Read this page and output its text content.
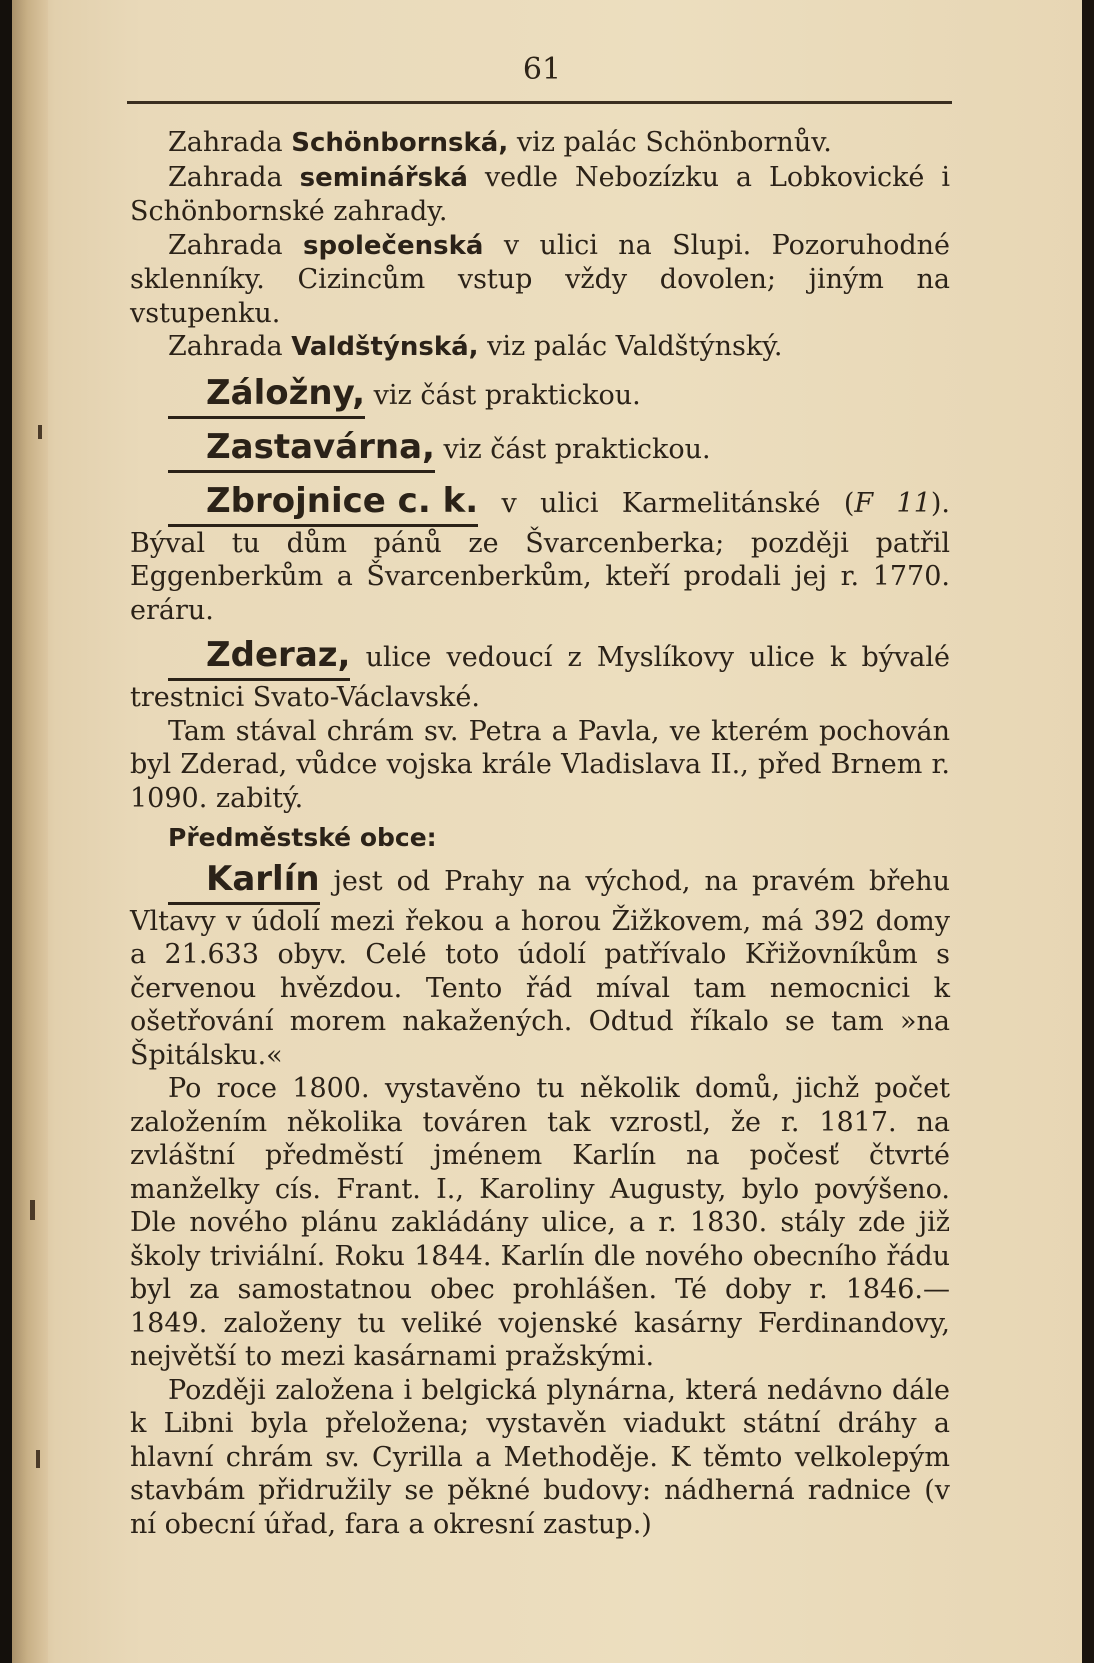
61

Zahrada Schönbornská, viz palác Schönbornův.

Zahrada seminářská vedle Nebozízku a Lobkovické i Schönbornské zahrady.

Zahrada společenská v ulici na Slupi. Pozoruhodné sklenníky. Cizincům vstup vždy dovolen; jiným na vstupenku.

Zahrada Valdštýnská, viz palác Valdštýnský.

Záložny, viz část praktickou.

Zastavárna, viz část praktickou.

Zbrojnice c. k. v ulici Karmelitánské (F 11). Býval tu dům pánů ze Švarcenberka; později patřil Eggenberkům a Švarcenberkům, kteří prodali jej r. 1770. eráru.

Zderaz, ulice vedoucí z Myslíkovy ulice k bývalé trestnici Svato-Václavské.

Tam stával chrám sv. Petra a Pavla, ve kterém pochován byl Zderad, vůdce vojska krále Vladislava II., před Brnem r. 1090. zabitý.

Předměstské obce:

Karlín jest od Prahy na východ, na pravém břehu Vltavy v údolí mezi řekou a horou Žižkovem, má 392 domy a 21.633 obyv. Celé toto údolí patřívalo Křižovníkům s červenou hvězdou. Tento řád míval tam nemocnici k ošetřování morem nakažených. Odtud říkalo se tam »na Špitálsku.«

Po roce 1800. vystavěno tu několik domů, jichž počet založením několika továren tak vzrostl, že r. 1817. na zvláštní předměstí jménem Karlín na počesť čtvrté manželky cís. Frant. I., Karoliny Augusty, bylo povýšeno. Dle nového plánu zakládány ulice, a r. 1830. stály zde již školy triviální. Roku 1844. Karlín dle nového obecního řádu byl za samostatnou obec prohlášen. Té doby r. 1846.—1849. založeny tu veliké vojenské kasárny Ferdinandovy, největší to mezi kasárnami pražskými.

Později založena i belgická plynárna, která nedávno dále k Libni byla přeložena; vystavěn viadukt státní dráhy a hlavní chrám sv. Cyrilla a Methoděje. K těmto velkolepým stavbám přidružily se pěkné budovy: nádherná radnice (v ní obecní úřad, fara a okresní zastup.)
